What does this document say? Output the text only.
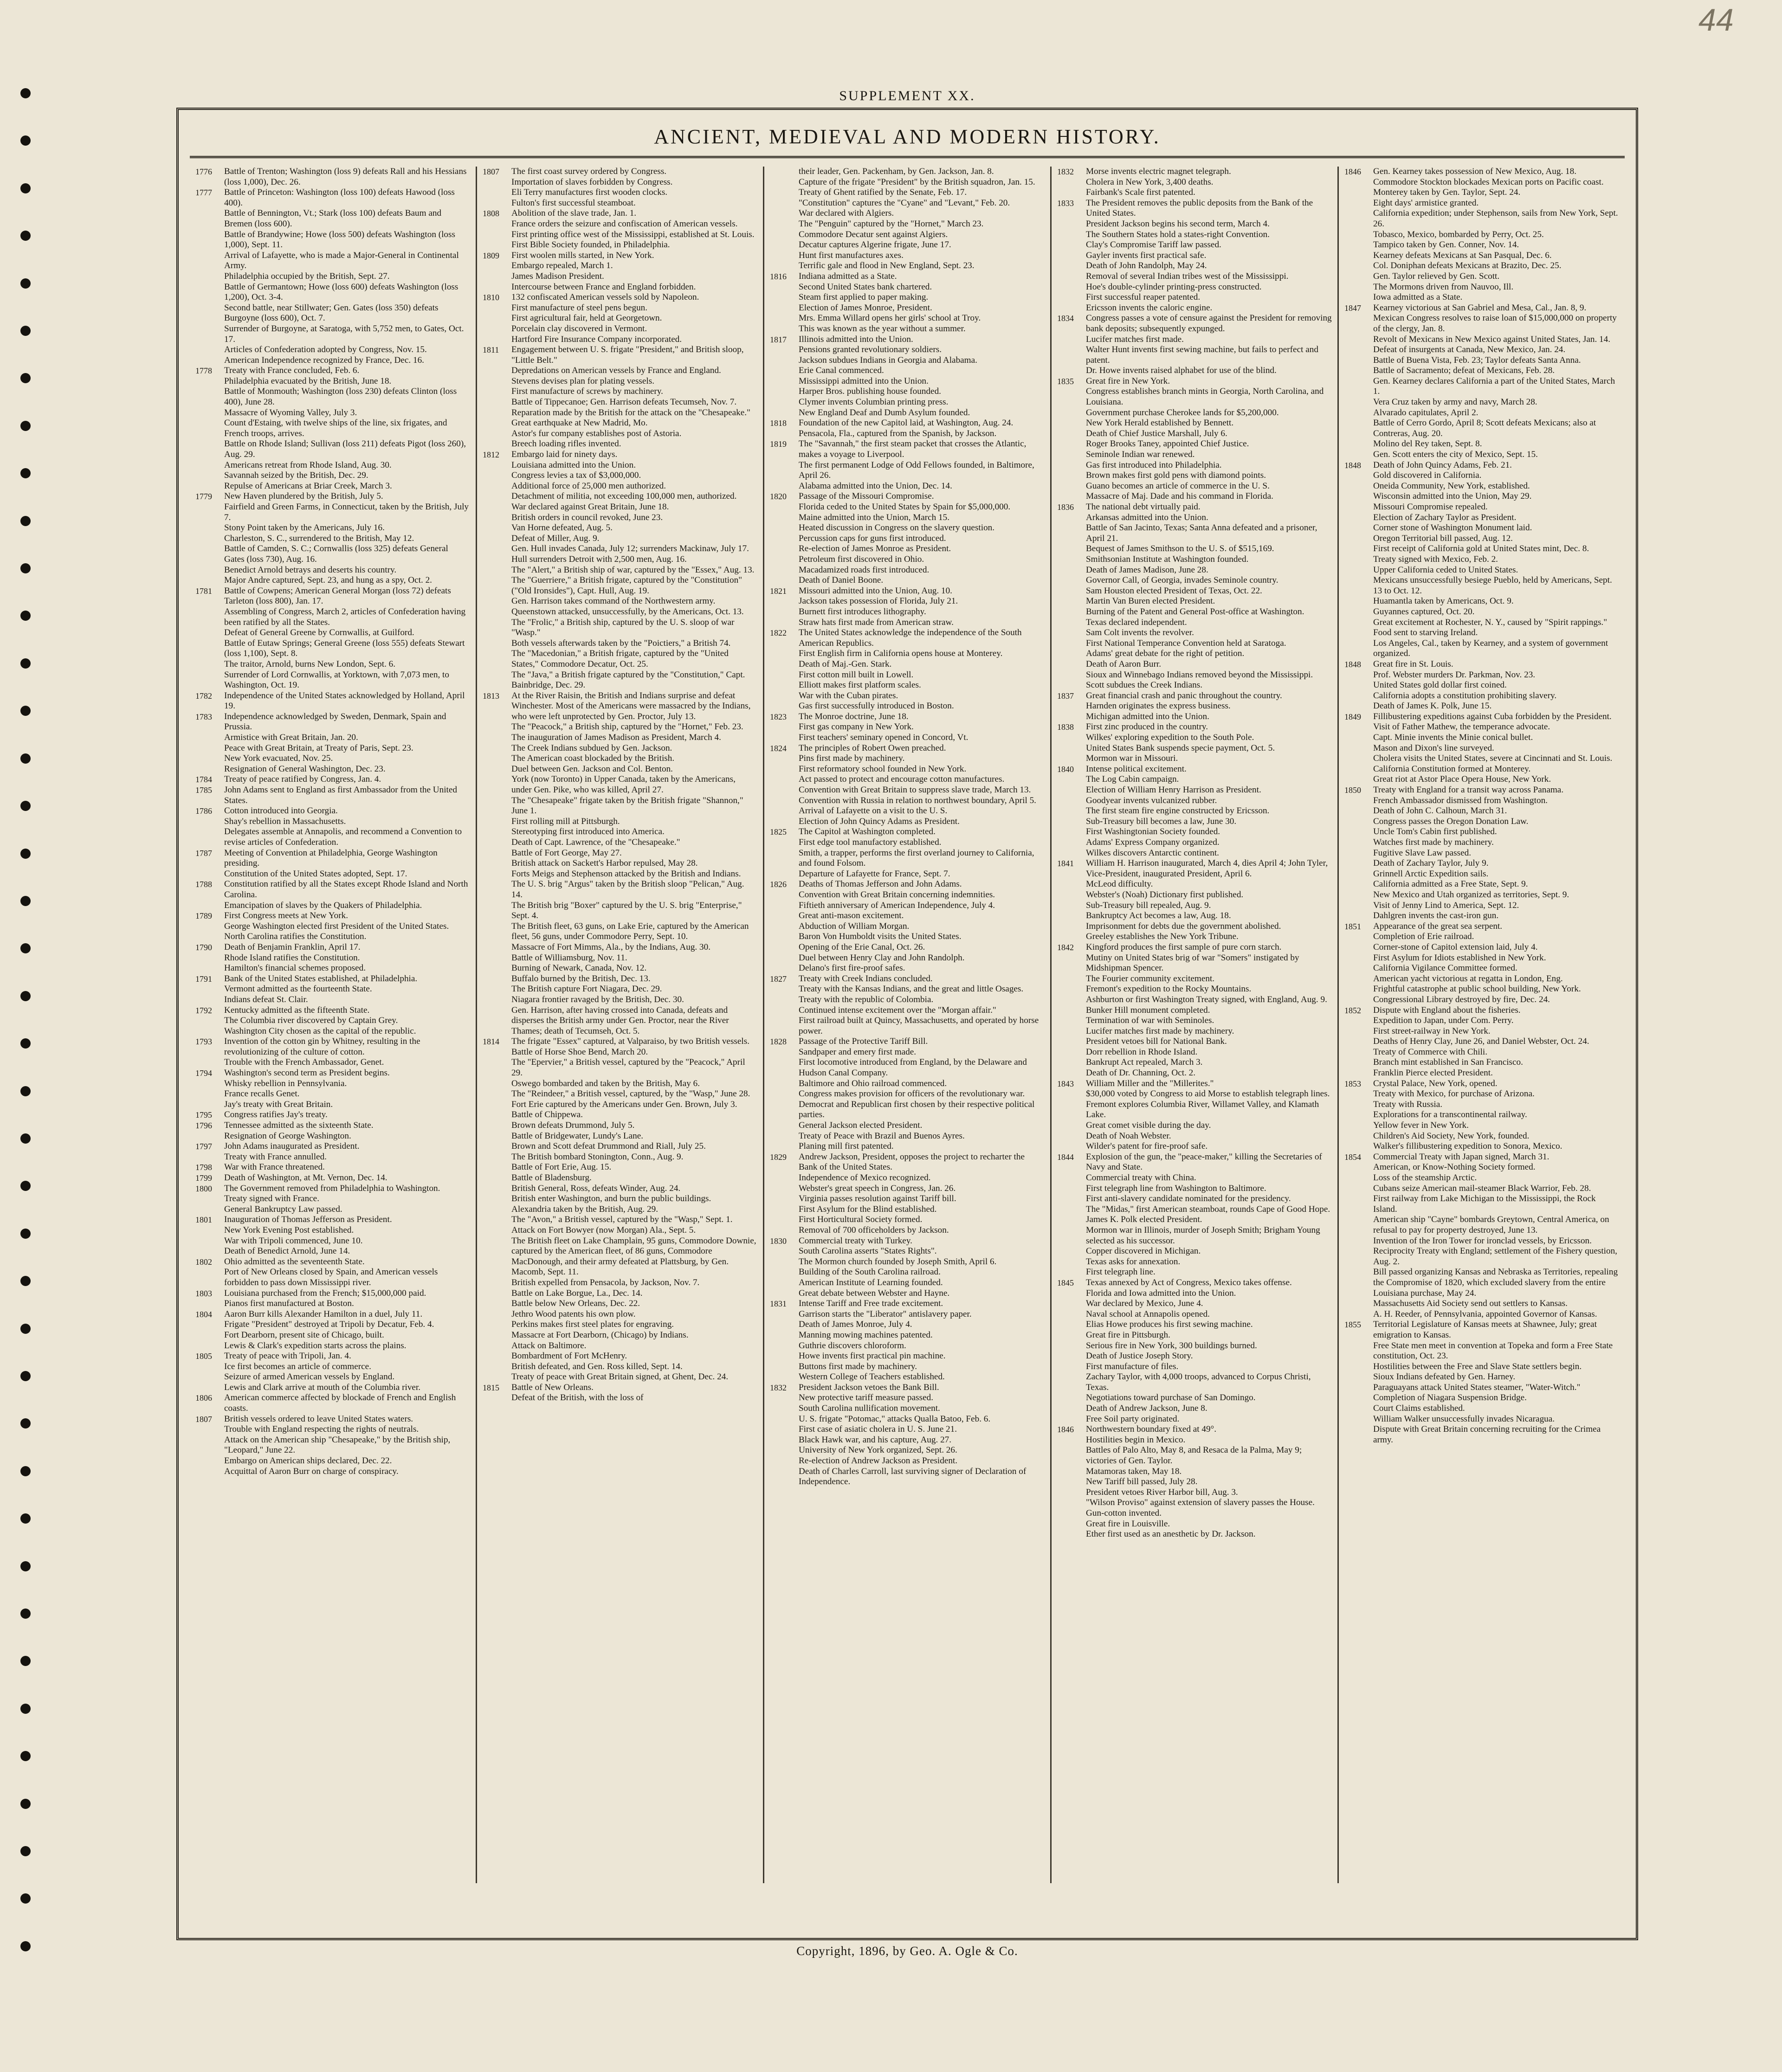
44
SUPPLEMENT XX.
ANCIENT, MEDIEVAL AND MODERN HISTORY.
1776	Battle of Trenton; Washington (loss 9) defeats Rall and his Hessians (loss 1,000), Dec. 26.
1777	Battle of Princeton: Washington (loss 100) defeats Hawood (loss 400).
Battle of Bennington, Vt.; Stark (loss 100) defeats Baum and Bremen (loss 600).
Battle of Brandywine; Howe (loss 500) defeats Washington (loss 1,000), Sept. 11.
Arrival of Lafayette, who is made a Major-General in Continental Army.
Philadelphia occupied by the British, Sept. 27.
Battle of Germantown; Howe (loss 600) defeats Washington (loss 1,200), Oct. 3-4.
Second battle, near Stillwater; Gen. Gates (loss 350) defeats Burgoyne (loss 600), Oct. 7.
Surrender of Burgoyne, at Saratoga, with 5,752 men, to Gates, Oct. 17.
Articles of Confederation adopted by Congress, Nov. 15.
American Independence recognized by France, Dec. 16.
1778	Treaty with France concluded, Feb. 6.
Philadelphia evacuated by the British, June 18.
Battle of Monmouth; Washington (loss 230) defeats Clinton (loss 400), June 28.
Massacre of Wyoming Valley, July 3.
Count d'Estaing, with twelve ships of the line, six frigates, and French troops, arrives.
Battle on Rhode Island; Sullivan (loss 211) defeats Pigot (loss 260), Aug. 29.
Americans retreat from Rhode Island, Aug. 30.
Savannah seized by the British, Dec. 29.
Repulse of Americans at Briar Creek, March 3.
1779	New Haven plundered by the British, July 5.
Fairfield and Green Farms, in Connecticut, taken by the British, July 7.
Stony Point taken by the Americans, July 16.
Charleston, S. C., surrendered to the British, May 12.
Battle of Camden, S. C.; Cornwallis (loss 325) defeats General Gates (loss 730), Aug. 16.
Benedict Arnold betrays and deserts his country.
Major Andre captured, Sept. 23, and hung as a spy, Oct. 2.
1781	Battle of Cowpens; American General Morgan (loss 72) defeats Tarleton (loss 800), Jan. 17.
Assembling of Congress, March 2, articles of Confederation having been ratified by all the States.
Defeat of General Greene by Cornwallis, at Guilford.
Battle of Eutaw Springs; General Greene (loss 555) defeats Stewart (loss 1,100), Sept. 8.
The traitor, Arnold, burns New London, Sept. 6.
Surrender of Lord Cornwallis, at Yorktown, with 7,073 men, to Washington, Oct. 19.
1782	Independence of the United States acknowledged by Holland, April 19.
1783	Independence acknowledged by Sweden, Denmark, Spain and Prussia.
Armistice with Great Britain, Jan. 20.
Peace with Great Britain, at Treaty of Paris, Sept. 23.
New York evacuated, Nov. 25.
Resignation of General Washington, Dec. 23.
1784	Treaty of peace ratified by Congress, Jan. 4.
1785	John Adams sent to England as first Ambassador from the United States.
1786	Cotton introduced into Georgia.
Shay's rebellion in Massachusetts.
Delegates assemble at Annapolis, and recommend a Convention to revise articles of Confederation.
1787	Meeting of Convention at Philadelphia, George Washington presiding.
Constitution of the United States adopted, Sept. 17.
1788	Constitution ratified by all the States except Rhode Island and North Carolina.
Emancipation of slaves by the Quakers of Philadelphia.
1789	First Congress meets at New York.
George Washington elected first President of the United States.
North Carolina ratifies the Constitution.
1790	Death of Benjamin Franklin, April 17.
Rhode Island ratifies the Constitution.
Hamilton's financial schemes proposed.
1791	Bank of the United States established, at Philadelphia.
Vermont admitted as the fourteenth State.
Indians defeat St. Clair.
1792	Kentucky admitted as the fifteenth State.
The Columbia river discovered by Captain Grey.
Washington City chosen as the capital of the republic.
1793	Invention of the cotton gin by Whitney, resulting in the revolutionizing of the culture of cotton.
Trouble with the French Ambassador, Genet.
1794	Washington's second term as President begins.
Whisky rebellion in Pennsylvania.
France recalls Genet.
Jay's treaty with Great Britain.
1795	Congress ratifies Jay's treaty.
1796	Tennessee admitted as the sixteenth State.
Resignation of George Washington.
1797	John Adams inaugurated as President.
Treaty with France annulled.
1798	War with France threatened.
1799	Death of Washington, at Mt. Vernon, Dec. 14.
1800	The Government removed from Philadelphia to Washington.
Treaty signed with France.
General Bankruptcy Law passed.
1801	Inauguration of Thomas Jefferson as President.
New York Evening Post established.
War with Tripoli commenced, June 10.
Death of Benedict Arnold, June 14.
1802	Ohio admitted as the seventeenth State.
Port of New Orleans closed by Spain, and American vessels forbidden to pass down Mississippi river.
1803	Louisiana purchased from the French; $15,000,000 paid.
Pianos first manufactured at Boston.
1804	Aaron Burr kills Alexander Hamilton in a duel, July 11.
Frigate "President" destroyed at Tripoli by Decatur, Feb. 4.
Fort Dearborn, present site of Chicago, built.
Lewis & Clark's expedition starts across the plains.
1805	Treaty of peace with Tripoli, Jan. 4.
Ice first becomes an article of commerce.
Seizure of armed American vessels by England.
Lewis and Clark arrive at mouth of the Columbia river.
1806	American commerce affected by blockade of French and English coasts.
1807	British vessels ordered to leave United States waters.
Trouble with England respecting the rights of neutrals.
Attack on the American ship "Chesapeake," by the British ship, "Leopard," June 22.
Embargo on American ships declared, Dec. 22.
Acquittal of Aaron Burr on charge of conspiracy.
1807	The first coast survey ordered by Congress.
Importation of slaves forbidden by Congress.
Eli Terry manufactures first wooden clocks.
Fulton's first successful steamboat.
1808	Abolition of the slave trade, Jan. 1.
France orders the seizure and confiscation of American vessels.
First printing office west of the Mississippi, established at St. Louis.
First Bible Society founded, in Philadelphia.
1809	First woolen mills started, in New York.
Embargo repealed, March 1.
James Madison President.
Intercourse between France and England forbidden.
1810	132 confiscated American vessels sold by Napoleon.
First manufacture of steel pens begun.
First agricultural fair, held at Georgetown.
Porcelain clay discovered in Vermont.
Hartford Fire Insurance Company incorporated.
1811	Engagement between U. S. frigate "President," and British sloop, "Little Belt."
Depredations on American vessels by France and England.
Stevens devises plan for plating vessels.
First manufacture of screws by machinery.
Battle of Tippecanoe; Gen. Harrison defeats Tecumseh, Nov. 7.
Reparation made by the British for the attack on the "Chesapeake."
Great earthquake at New Madrid, Mo.
Astor's fur company establishes post of Astoria.
Breech loading rifles invented.
1812	Embargo laid for ninety days.
Louisiana admitted into the Union.
Congress levies a tax of $3,000,000.
Additional force of 25,000 men authorized.
Detachment of militia, not exceeding 100,000 men, authorized.
War declared against Great Britain, June 18.
British orders in council revoked, June 23.
Van Horne defeated, Aug. 5.
Defeat of Miller, Aug. 9.
Gen. Hull invades Canada, July 12; surrenders Mackinaw, July 17.
Hull surrenders Detroit with 2,500 men, Aug. 16.
The "Alert," a British ship of war, captured by the "Essex," Aug. 13.
The "Guerriere," a British frigate, captured by the "Constitution" ("Old Ironsides"), Capt. Hull, Aug. 19.
Gen. Harrison takes command of the Northwestern army.
Queenstown attacked, unsuccessfully, by the Americans, Oct. 13.
The "Frolic," a British ship, captured by the U. S. sloop of war "Wasp."
Both vessels afterwards taken by the "Poictiers," a British 74.
The "Macedonian," a British frigate, captured by the "United States," Commodore Decatur, Oct. 25.
The "Java," a British frigate captured by the "Constitution," Capt. Bainbridge, Dec. 29.
1813	At the River Raisin, the British and Indians surprise and defeat Winchester. Most of the Americans were massacred by the Indians, who were left unprotected by Gen. Proctor, July 13.
The "Peacock," a British ship, captured by the "Hornet," Feb. 23.
The inauguration of James Madison as President, March 4.
The Creek Indians subdued by Gen. Jackson.
The American coast blockaded by the British.
Duel between Gen. Jackson and Col. Benton.
York (now Toronto) in Upper Canada, taken by the Americans, under Gen. Pike, who was killed, April 27.
The "Chesapeake" frigate taken by the British frigate "Shannon," June 1.
First rolling mill at Pittsburgh.
Stereotyping first introduced into America.
Death of Capt. Lawrence, of the "Chesapeake."
Battle of Fort George, May 27.
British attack on Sackett's Harbor repulsed, May 28.
Forts Meigs and Stephenson attacked by the British and Indians.
The U. S. brig "Argus" taken by the British sloop "Pelican," Aug. 14.
The British brig "Boxer" captured by the U. S. brig "Enterprise," Sept. 4.
The British fleet, 63 guns, on Lake Erie, captured by the American fleet, 56 guns, under Commodore Perry, Sept. 10.
Massacre of Fort Mimms, Ala., by the Indians, Aug. 30.
Battle of Williamsburg, Nov. 11.
Burning of Newark, Canada, Nov. 12.
Buffalo burned by the British, Dec. 13.
The British capture Fort Niagara, Dec. 29.
Niagara frontier ravaged by the British, Dec. 30.
Gen. Harrison, after having crossed into Canada, defeats and disperses the British army under Gen. Proctor, near the River Thames; death of Tecumseh, Oct. 5.
1814	The frigate "Essex" captured, at Valparaiso, by two British vessels.
Battle of Horse Shoe Bend, March 20.
The "Epervier," a British vessel, captured by the "Peacock," April 29.
Oswego bombarded and taken by the British, May 6.
The "Reindeer," a British vessel, captured, by the "Wasp," June 28.
Fort Erie captured by the Americans under Gen. Brown, July 3.
Battle of Chippewa.
Brown defeats Drummond, July 5.
Battle of Bridgewater, Lundy's Lane.
Brown and Scott defeat Drummond and Riall, July 25.
The British bombard Stonington, Conn., Aug. 9.
Battle of Fort Erie, Aug. 15.
Battle of Bladensburg.
British General, Ross, defeats Winder, Aug. 24.
British enter Washington, and burn the public buildings.
Alexandria taken by the British, Aug. 29.
The "Avon," a British vessel, captured by the "Wasp," Sept. 1.
Attack on Fort Bowyer (now Morgan) Ala., Sept. 5.
The British fleet on Lake Champlain, 95 guns, Commodore Downie, captured by the American fleet, of 86 guns, Commodore MacDonough, and their army defeated at Plattsburg, by Gen. Macomb, Sept. 11.
British expelled from Pensacola, by Jackson, Nov. 7.
Battle on Lake Borgue, La., Dec. 14.
Battle below New Orleans, Dec. 22.
Jethro Wood patents his own plow.
Perkins makes first steel plates for engraving.
Massacre at Fort Dearborn, (Chicago) by Indians.
Attack on Baltimore.
Bombardment of Fort McHenry.
British defeated, and Gen. Ross killed, Sept. 14.
Treaty of peace with Great Britain signed, at Ghent, Dec. 24.
1815	Battle of New Orleans.
Defeat of the British, with the loss of
their leader, Gen. Packenham, by Gen. Jackson, Jan. 8.
Capture of the frigate "President" by the British squadron, Jan. 15.
Treaty of Ghent ratified by the Senate, Feb. 17.
"Constitution" captures the "Cyane" and "Levant," Feb. 20.
War declared with Algiers.
The "Penguin" captured by the "Hornet," March 23.
Commodore Decatur sent against Algiers.
Decatur captures Algerine frigate, June 17.
Hunt first manufactures axes.
Terrific gale and flood in New England, Sept. 23.
1816	Indiana admitted as a State.
Second United States bank chartered.
Steam first applied to paper making.
Election of James Monroe, President.
Mrs. Emma Willard opens her girls' school at Troy.
This was known as the year without a summer.
1817	Illinois admitted into the Union.
Pensions granted revolutionary soldiers.
Jackson subdues Indians in Georgia and Alabama.
Erie Canal commenced.
Mississippi admitted into the Union.
Harper Bros. publishing house founded.
Clymer invents Columbian printing press.
New England Deaf and Dumb Asylum founded.
1818	Foundation of the new Capitol laid, at Washington, Aug. 24.
Pensacola, Fla., captured from the Spanish, by Jackson.
1819	The "Savannah," the first steam packet that crosses the Atlantic, makes a voyage to Liverpool.
The first permanent Lodge of Odd Fellows founded, in Baltimore, April 26.
Alabama admitted into the Union, Dec. 14.
1820	Passage of the Missouri Compromise.
Florida ceded to the United States by Spain for $5,000,000.
Maine admitted into the Union, March 15.
Heated discussion in Congress on the slavery question.
Percussion caps for guns first introduced.
Re-election of James Monroe as President.
Petroleum first discovered in Ohio.
Macadamized roads first introduced.
Death of Daniel Boone.
1821	Missouri admitted into the Union, Aug. 10.
Jackson takes possession of Florida, July 21.
Burnett first introduces lithography.
Straw hats first made from American straw.
1822	The United States acknowledge the independence of the South American Republics.
First English firm in California opens house at Monterey.
Death of Maj.-Gen. Stark.
First cotton mill built in Lowell.
Elliott makes first platform scales.
War with the Cuban pirates.
Gas first successfully introduced in Boston.
1823	The Monroe doctrine, June 18.
First gas company in New York.
First teachers' seminary opened in Concord, Vt.
1824	The principles of Robert Owen preached.
Pins first made by machinery.
First reformatory school founded in New York.
Act passed to protect and encourage cotton manufactures.
Convention with Great Britain to suppress slave trade, March 13.
Convention with Russia in relation to northwest boundary, April 5.
Arrival of Lafayette on a visit to the U. S.
Election of John Quincy Adams as President.
1825	The Capitol at Washington completed.
First edge tool manufactory established.
Smith, a trapper, performs the first overland journey to California, and found Folsom.
Departure of Lafayette for France, Sept. 7.
1826	Deaths of Thomas Jefferson and John Adams.
Convention with Great Britain concerning indemnities.
Fiftieth anniversary of American Independence, July 4.
Great anti-mason excitement.
Abduction of William Morgan.
Baron Von Humboldt visits the United States.
Opening of the Erie Canal, Oct. 26.
Duel between Henry Clay and John Randolph.
Delano's first fire-proof safes.
1827	Treaty with Creek Indians concluded.
Treaty with the Kansas Indians, and the great and little Osages.
Treaty with the republic of Colombia.
Continued intense excitement over the "Morgan affair."
First railroad built at Quincy, Massachusetts, and operated by horse power.
1828	Passage of the Protective Tariff Bill.
Sandpaper and emery first made.
First locomotive introduced from England, by the Delaware and Hudson Canal Company.
Baltimore and Ohio railroad commenced.
Congress makes provision for officers of the revolutionary war.
Democrat and Republican first chosen by their respective political parties.
General Jackson elected President.
Treaty of Peace with Brazil and Buenos Ayres.
Planing mill first patented.
1829	Andrew Jackson, President, opposes the project to recharter the Bank of the United States.
Independence of Mexico recognized.
Webster's great speech in Congress, Jan. 26.
Virginia passes resolution against Tariff bill.
First Asylum for the Blind established.
First Horticultural Society formed.
Removal of 700 officeholders by Jackson.
1830	Commercial treaty with Turkey.
South Carolina asserts "States Rights".
The Mormon church founded by Joseph Smith, April 6.
Building of the South Carolina railroad.
American Institute of Learning founded.
Great debate between Webster and Hayne.
1831	Intense Tariff and Free trade excitement.
Garrison starts the "Liberator" antislavery paper.
Death of James Monroe, July 4.
Manning mowing machines patented.
Guthrie discovers chloroform.
Howe invents first practical pin machine.
Buttons first made by machinery.
Western College of Teachers established.
1832	President Jackson vetoes the Bank Bill.
New protective tariff measure passed.
South Carolina nullification movement.
U. S. frigate "Potomac," attacks Qualla Batoo, Feb. 6.
First case of asiatic cholera in U. S. June 21.
Black Hawk war, and his capture, Aug. 27.
University of New York organized, Sept. 26.
Re-election of Andrew Jackson as President.
Death of Charles Carroll, last surviving signer of Declaration of Independence.
1832	Morse invents electric magnet telegraph.
Cholera in New York, 3,400 deaths.
Fairbank's Scale first patented.
1833	The President removes the public deposits from the Bank of the United States.
President Jackson begins his second term, March 4.
The Southern States hold a states-right Convention.
Clay's Compromise Tariff law passed.
Gayler invents first practical safe.
Death of John Randolph, May 24.
Removal of several Indian tribes west of the Mississippi.
Hoe's double-cylinder printing-press constructed.
First successful reaper patented.
Ericsson invents the caloric engine.
1834	Congress passes a vote of censure against the President for removing bank deposits; subsequently expunged.
Lucifer matches first made.
Walter Hunt invents first sewing machine, but fails to perfect and patent.
Dr. Howe invents raised alphabet for use of the blind.
1835	Great fire in New York.
Congress establishes branch mints in Georgia, North Carolina, and Louisiana.
Government purchase Cherokee lands for $5,200,000.
New York Herald established by Bennett.
Death of Chief Justice Marshall, July 6.
Roger Brooks Taney, appointed Chief Justice.
Seminole Indian war renewed.
Gas first introduced into Philadelphia.
Brown makes first gold pens with diamond points.
Guano becomes an article of commerce in the U. S.
Massacre of Maj. Dade and his command in Florida.
1836	The national debt virtually paid.
Arkansas admitted into the Union.
Battle of San Jacinto, Texas; Santa Anna defeated and a prisoner, April 21.
Bequest of James Smithson to the U. S. of $515,169.
Smithsonian Institute at Washington founded.
Death of James Madison, June 28.
Governor Call, of Georgia, invades Seminole country.
Sam Houston elected President of Texas, Oct. 22.
Martin Van Buren elected President.
Burning of the Patent and General Post-office at Washington.
Texas declared independent.
Sam Colt invents the revolver.
First National Temperance Convention held at Saratoga.
Adams' great debate for the right of petition.
Death of Aaron Burr.
Sioux and Winnebago Indians removed beyond the Mississippi.
Scott subdues the Creek Indians.
1837	Great financial crash and panic throughout the country.
Harnden originates the express business.
Michigan admitted into the Union.
1838	First zinc produced in the country.
Wilkes' exploring expedition to the South Pole.
United States Bank suspends specie payment, Oct. 5.
Mormon war in Missouri.
1840	Intense political excitement.
The Log Cabin campaign.
Election of William Henry Harrison as President.
Goodyear invents vulcanized rubber.
The first steam fire engine constructed by Ericsson.
Sub-Treasury bill becomes a law, June 30.
First Washingtonian Society founded.
Adams' Express Company organized.
Wilkes discovers Antarctic continent.
1841	William H. Harrison inaugurated, March 4, dies April 4; John Tyler, Vice-President, inaugurated President, April 6.
McLeod difficulty.
Webster's (Noah) Dictionary first published.
Sub-Treasury bill repealed, Aug. 9.
Bankruptcy Act becomes a law, Aug. 18.
Imprisonment for debts due the government abolished.
Greeley establishes the New York Tribune.
1842	Kingford produces the first sample of pure corn starch.
Mutiny on United States brig of war "Somers" instigated by Midshipman Spencer.
The Fourier community excitement.
Fremont's expedition to the Rocky Mountains.
Ashburton or first Washington Treaty signed, with England, Aug. 9.
Bunker Hill monument completed.
Termination of war with Seminoles.
Lucifer matches first made by machinery.
President vetoes bill for National Bank.
Dorr rebellion in Rhode Island.
Bankrupt Act repealed, March 3.
Death of Dr. Channing, Oct. 2.
1843	William Miller and the "Millerites."
$30,000 voted by Congress to aid Morse to establish telegraph lines.
Fremont explores Columbia River, Willamet Valley, and Klamath Lake.
Great comet visible during the day.
Death of Noah Webster.
Wilder's patent for fire-proof safe.
1844	Explosion of the gun, the "peace-maker," killing the Secretaries of Navy and State.
Commercial treaty with China.
First telegraph line from Washington to Baltimore.
First anti-slavery candidate nominated for the presidency.
The "Midas," first American steamboat, rounds Cape of Good Hope.
James K. Polk elected President.
Mormon war in Illinois, murder of Joseph Smith; Brigham Young selected as his successor.
Copper discovered in Michigan.
Texas asks for annexation.
First telegraph line.
1845	Texas annexed by Act of Congress, Mexico takes offense.
Florida and Iowa admitted into the Union.
War declared by Mexico, June 4.
Naval school at Annapolis opened.
Elias Howe produces his first sewing machine.
Great fire in Pittsburgh.
Serious fire in New York, 300 buildings burned.
Death of Justice Joseph Story.
First manufacture of files.
Zachary Taylor, with 4,000 troops, advanced to Corpus Christi, Texas.
Negotiations toward purchase of San Domingo.
Death of Andrew Jackson, June 8.
Free Soil party originated.
1846	Northwestern boundary fixed at 49°.
Hostilities begin in Mexico.
Battles of Palo Alto, May 8, and Resaca de la Palma, May 9; victories of Gen. Taylor.
Matamoras taken, May 18.
New Tariff bill passed, July 28.
President vetoes River Harbor bill, Aug. 3.
"Wilson Proviso" against extension of slavery passes the House.
Gun-cotton invented.
Great fire in Louisville.
Ether first used as an anesthetic by Dr. Jackson.
1846	Gen. Kearney takes possession of New Mexico, Aug. 18.
Commodore Stockton blockades Mexican ports on Pacific coast.
Monterey taken by Gen. Taylor, Sept. 24.
Eight days' armistice granted.
California expedition; under Stephenson, sails from New York, Sept. 26.
Tobasco, Mexico, bombarded by Perry, Oct. 25.
Tampico taken by Gen. Conner, Nov. 14.
Kearney defeats Mexicans at San Pasqual, Dec. 6.
Col. Doniphan defeats Mexicans at Brazito, Dec. 25.
Gen. Taylor relieved by Gen. Scott.
The Mormons driven from Nauvoo, Ill.
Iowa admitted as a State.
1847	Kearney victorious at San Gabriel and Mesa, Cal., Jan. 8, 9.
Mexican Congress resolves to raise loan of $15,000,000 on property of the clergy, Jan. 8.
Revolt of Mexicans in New Mexico against United States, Jan. 14.
Defeat of insurgents at Canada, New Mexico, Jan. 24.
Battle of Buena Vista, Feb. 23; Taylor defeats Santa Anna.
Battle of Sacramento; defeat of Mexicans, Feb. 28.
Gen. Kearney declares California a part of the United States, March 1.
Vera Cruz taken by army and navy, March 28.
Alvarado capitulates, April 2.
Battle of Cerro Gordo, April 8; Scott defeats Mexicans; also at Contreras, Aug. 20.
Molino del Rey taken, Sept. 8.
Gen. Scott enters the city of Mexico, Sept. 15.
1848	Death of John Quincy Adams, Feb. 21.
Gold discovered in California.
Oneida Community, New York, established.
Wisconsin admitted into the Union, May 29.
Missouri Compromise repealed.
Election of Zachary Taylor as President.
Corner stone of Washington Monument laid.
Oregon Territorial bill passed, Aug. 12.
First receipt of California gold at United States mint, Dec. 8.
Treaty signed with Mexico, Feb. 2.
Upper California ceded to United States.
Mexicans unsuccessfully besiege Pueblo, held by Americans, Sept. 13 to Oct. 12.
Huamantla taken by Americans, Oct. 9.
Guyannes captured, Oct. 20.
Great excitement at Rochester, N. Y., caused by "Spirit rappings."
Food sent to starving Ireland.
Los Angeles, Cal., taken by Kearney, and a system of government organized.
1848	Great fire in St. Louis.
Prof. Webster murders Dr. Parkman, Nov. 23.
United States gold dollar first coined.
California adopts a constitution prohibiting slavery.
Death of James K. Polk, June 15.
1849	Fillibustering expeditions against Cuba forbidden by the President.
Visit of Father Mathew, the temperance advocate.
Capt. Minie invents the Minie conical bullet.
Mason and Dixon's line surveyed.
Cholera visits the United States, severe at Cincinnati and St. Louis.
California Constitution formed at Monterey.
Great riot at Astor Place Opera House, New York.
1850	Treaty with England for a transit way across Panama.
French Ambassador dismissed from Washington.
Death of John C. Calhoun, March 31.
Congress passes the Oregon Donation Law.
Uncle Tom's Cabin first published.
Watches first made by machinery.
Fugitive Slave Law passed.
Death of Zachary Taylor, July 9.
Grinnell Arctic Expedition sails.
California admitted as a Free State, Sept. 9.
New Mexico and Utah organized as territories, Sept. 9.
Visit of Jenny Lind to America, Sept. 12.
Dahlgren invents the cast-iron gun.
1851	Appearance of the great sea serpent.
Completion of Erie railroad.
Corner-stone of Capitol extension laid, July 4.
First Asylum for Idiots established in New York.
California Vigilance Committee formed.
American yacht victorious at regatta in London, Eng.
Frightful catastrophe at public school building, New York.
Congressional Library destroyed by fire, Dec. 24.
1852	Dispute with England about the fisheries.
Expedition to Japan, under Com. Perry.
First street-railway in New York.
Deaths of Henry Clay, June 26, and Daniel Webster, Oct. 24.
Treaty of Commerce with Chili.
Branch mint established in San Francisco.
Franklin Pierce elected President.
1853	Crystal Palace, New York, opened.
Treaty with Mexico, for purchase of Arizona.
Treaty with Russia.
Explorations for a transcontinental railway.
Yellow fever in New York.
Children's Aid Society, New York, founded.
Walker's fillibustering expedition to Sonora, Mexico.
1854	Commercial Treaty with Japan signed, March 31.
American, or Know-Nothing Society formed.
Loss of the steamship Arctic.
Cubans seize American mail-steamer Black Warrior, Feb. 28.
First railway from Lake Michigan to the Mississippi, the Rock Island.
American ship "Cayne" bombards Greytown, Central America, on refusal to pay for property destroyed, June 13.
Invention of the Iron Tower for ironclad vessels, by Ericsson.
Reciprocity Treaty with England; settlement of the Fishery question, Aug. 2.
Bill passed organizing Kansas and Nebraska as Territories, repealing the Compromise of 1820, which excluded slavery from the entire Louisiana purchase, May 24.
Massachusetts Aid Society send out settlers to Kansas.
A. H. Reeder, of Pennsylvania, appointed Governor of Kansas.
1855	Territorial Legislature of Kansas meets at Shawnee, July; great emigration to Kansas.
Free State men meet in convention at Topeka and form a Free State constitution, Oct. 23.
Hostilities between the Free and Slave State settlers begin.
Sioux Indians defeated by Gen. Harney.
Paraguayans attack United States steamer, "Water-Witch."
Completion of Niagara Suspension Bridge.
Court Claims established.
William Walker unsuccessfully invades Nicaragua.
Dispute with Great Britain concerning recruiting for the Crimea army.
Copyright, 1896, by Geo. A. Ogle & Co.
